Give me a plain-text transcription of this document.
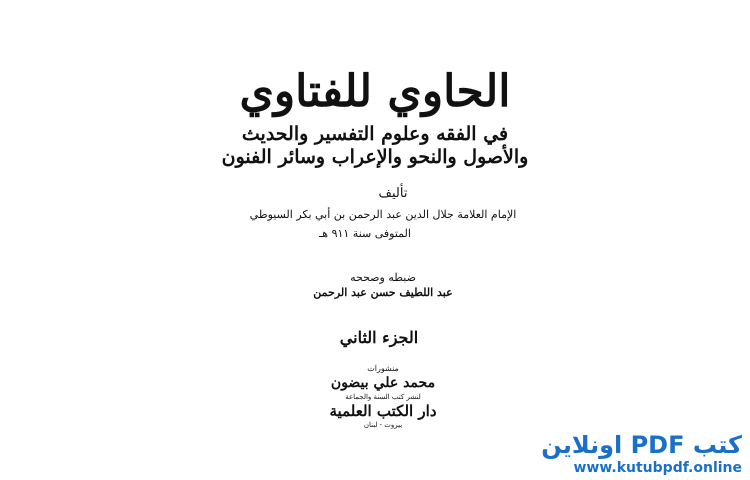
الحاوي للفتاوي
في الفقه وعلوم التفسير والحديث
والأصول والنحو والإعراب وسائر الفنون
تأليف
الإمام العلامة جلال الدين عبد الرحمن بن أبي بكر السيوطي
المتوفى سنة ٩١١ هـ
ضبطه وصححه
عبد اللطيف حسن عبد الرحمن
الجزء الثاني
منشورات
محمد علي بيضون
لنشر كتب السنة والجماعة
دار الكتب العلمية
بيروت - لبنان
كتب PDF اونلاين
www.kutubpdf.online
